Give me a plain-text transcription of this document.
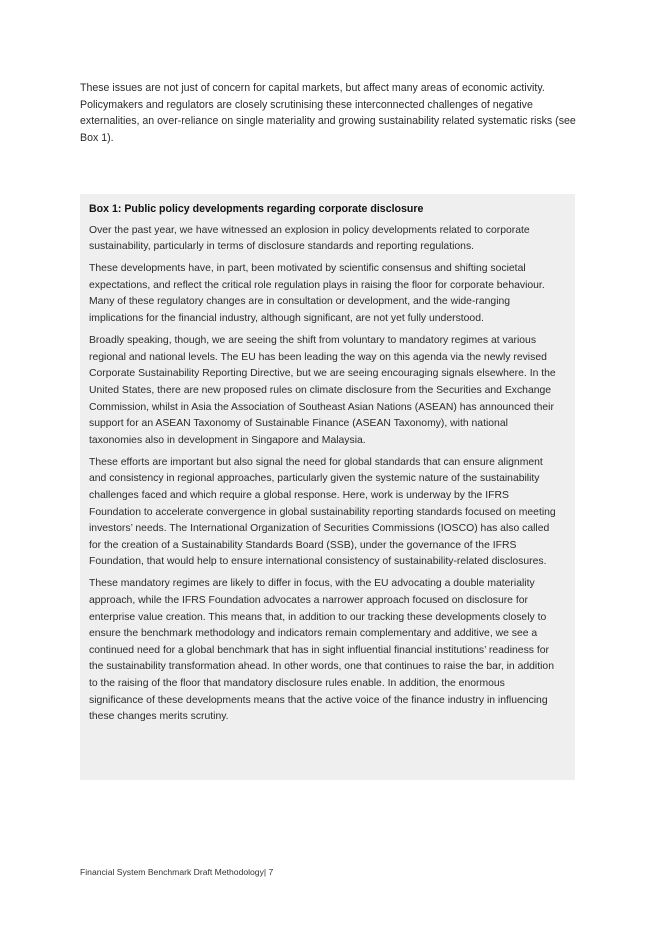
These issues are not just of concern for capital markets, but affect many areas of economic activity. Policymakers and regulators are closely scrutinising these interconnected challenges of negative externalities, an over-reliance on single materiality and growing sustainability related systematic risks (see Box 1).

Box 1: Public policy developments regarding corporate disclosure

Over the past year, we have witnessed an explosion in policy developments related to corporate sustainability, particularly in terms of disclosure standards and reporting regulations.

These developments have, in part, been motivated by scientific consensus and shifting societal expectations, and reflect the critical role regulation plays in raising the floor for corporate behaviour. Many of these regulatory changes are in consultation or development, and the wide-ranging implications for the financial industry, although significant, are not yet fully understood.

Broadly speaking, though, we are seeing the shift from voluntary to mandatory regimes at various regional and national levels. The EU has been leading the way on this agenda via the newly revised Corporate Sustainability Reporting Directive, but we are seeing encouraging signals elsewhere. In the United States, there are new proposed rules on climate disclosure from the Securities and Exchange Commission, whilst in Asia the Association of Southeast Asian Nations (ASEAN) has announced their support for an ASEAN Taxonomy of Sustainable Finance (ASEAN Taxonomy), with national taxonomies also in development in Singapore and Malaysia.

These efforts are important but also signal the need for global standards that can ensure alignment and consistency in regional approaches, particularly given the systemic nature of the sustainability challenges faced and which require a global response. Here, work is underway by the IFRS Foundation to accelerate convergence in global sustainability reporting standards focused on meeting investors’ needs. The International Organization of Securities Commissions (IOSCO) has also called for the creation of a Sustainability Standards Board (SSB), under the governance of the IFRS Foundation, that would help to ensure international consistency of sustainability-related disclosures.

These mandatory regimes are likely to differ in focus, with the EU advocating a double materiality approach, while the IFRS Foundation advocates a narrower approach focused on disclosure for enterprise value creation. This means that, in addition to our tracking these developments closely to ensure the benchmark methodology and indicators remain complementary and additive, we see a continued need for a global benchmark that has in sight influential financial institutions’ readiness for the sustainability transformation ahead. In other words, one that continues to raise the bar, in addition to the raising of the floor that mandatory disclosure rules enable. In addition, the enormous significance of these developments means that the active voice of the finance industry in influencing these changes merits scrutiny.

Financial System Benchmark Draft Methodology| 7
